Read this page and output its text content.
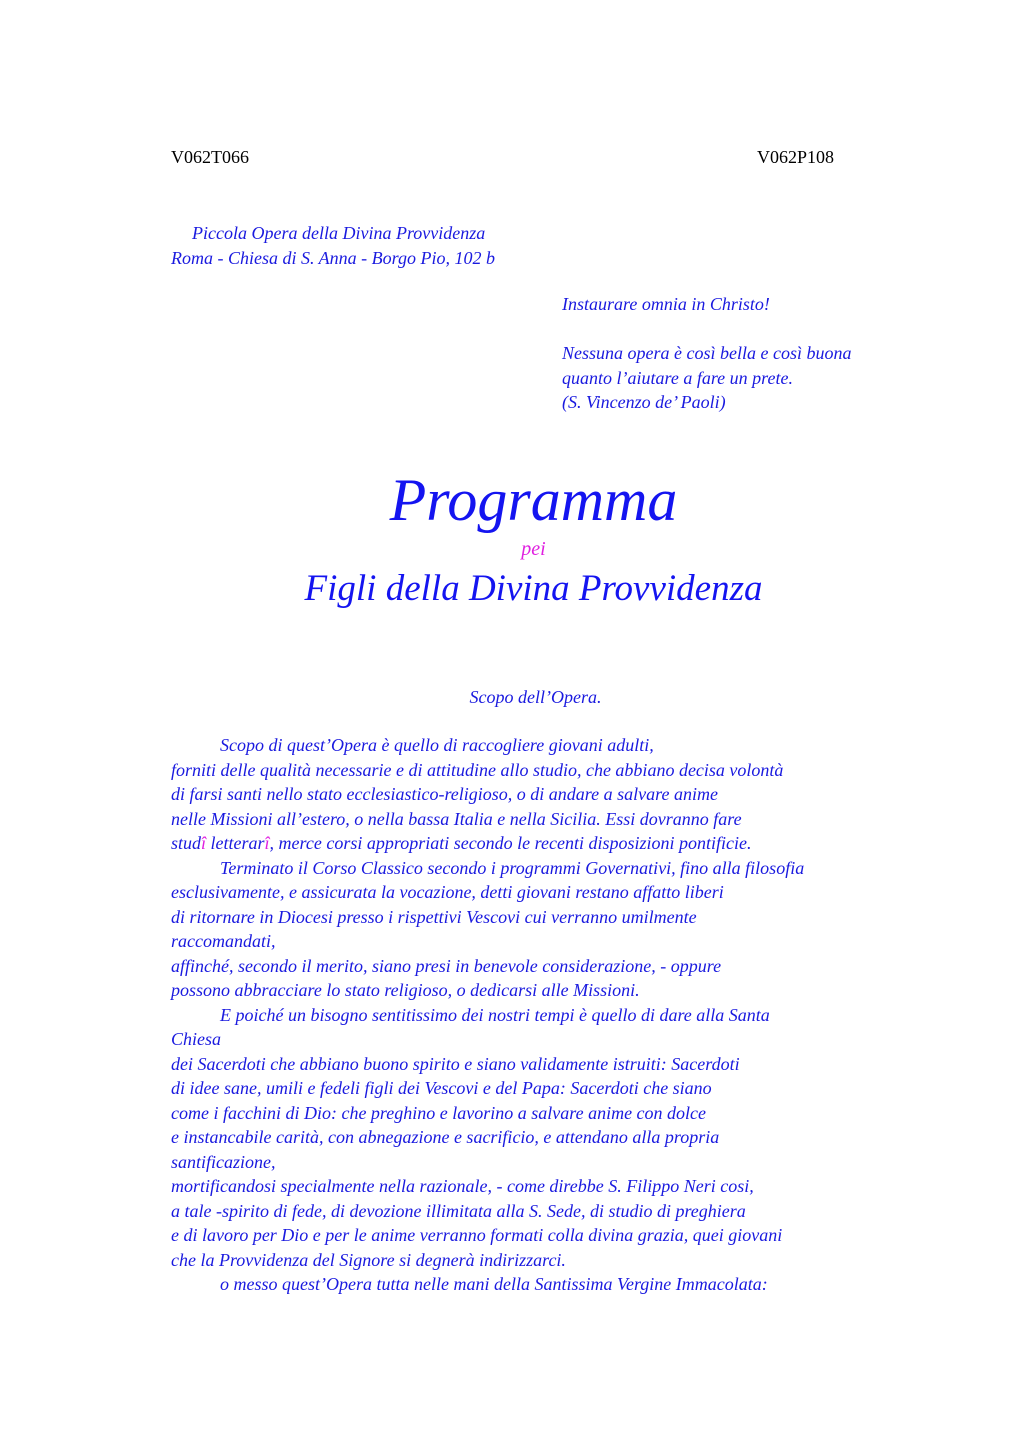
V062T066	V062P108
Piccola Opera della Divina Provvidenza
Roma - Chiesa di S. Anna - Borgo Pio, 102 b
Instaurare omnia in Christo!
Nessuna opera è così bella e così buona
quanto l’aiutare a fare un prete.
(S. Vincenzo de’ Paoli)
Programma
pei
Figli della Divina Provvidenza
Scopo dell’Opera.
Scopo di quest’Opera è quello di raccogliere giovani adulti,
forniti delle qualità necessarie e di attitudine allo studio, che abbiano decisa volontà
di farsi santi nello stato ecclesiastico-religioso, o di andare a salvare anime
nelle Missioni all’estero, o nella bassa Italia e nella Sicilia. Essi dovranno fare
studî letterarî, merce corsi appropriati secondo le recenti disposizioni pontificie.
Terminato il Corso Classico secondo i programmi Governativi, fino alla filosofia
esclusivamente, e assicurata la vocazione, detti giovani restano affatto liberi
di ritornare in Diocesi presso i rispettivi Vescovi cui verranno umilmente
raccomandati,
affinché, secondo il merito, siano presi in benevole considerazione, - oppure
possono abbracciare lo stato religioso, o dedicarsi alle Missioni.
E poiché un bisogno sentitissimo dei nostri tempi è quello di dare alla Santa
Chiesa
dei Sacerdoti che abbiano buono spirito e siano validamente istruiti: Sacerdoti
di idee sane, umili e fedeli figli dei Vescovi e del Papa: Sacerdoti che siano
come i facchini di Dio: che preghino e lavorino a salvare anime con dolce
e instancabile carità, con abnegazione e sacrificio, e attendano alla propria
santificazione,
mortificandosi specialmente nella razionale, - come direbbe S. Filippo Neri cosi,
a tale -spirito di fede, di devozione illimitata alla S. Sede, di studio di preghiera
e di lavoro per Dio e per le anime verranno formati colla divina grazia, quei giovani
che la Provvidenza del Signore si degnerà indirizzarci.
o messo quest’Opera tutta nelle mani della Santissima Vergine Immacolata:
